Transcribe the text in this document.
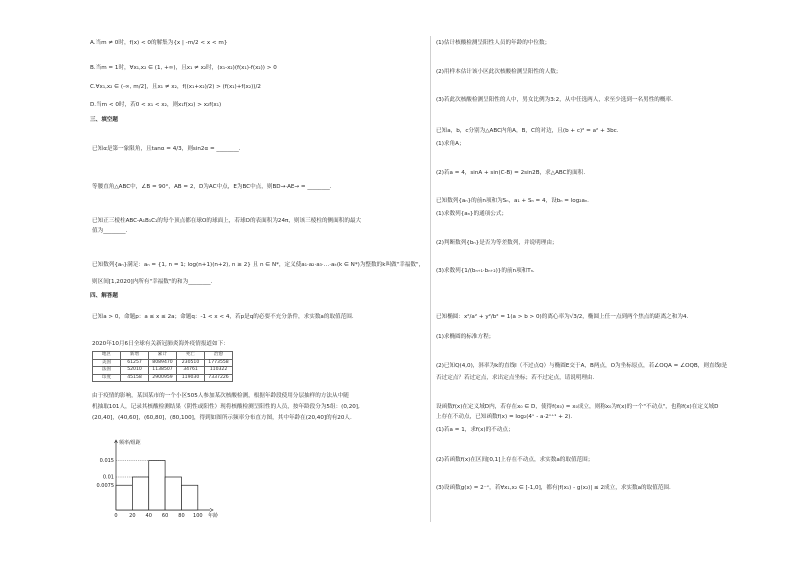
A.当m ≠ 0时，f(x) < 0的解集为{x | -m/2 < x < m}
B.当m = 1时，∀x₁,x₂ ∈ (1, +∞)，且x₁ ≠ x₂时，(x₁-x₂)(f(x₁)-f(x₂)) > 0
C.∀x₁,x₂ ∈ (-∞, m/2]，且x₁ ≠ x₂，f((x₁+x₂)/2) > (f(x₁)+f(x₂))/2
D.当m < 0时，若0 < x₁ < x₂，则x₁f(x₂) > x₂f(x₁)
三、填空题
已知α是第一象限角，且tanα = 4/3，则sin2α = ________.
等腰直角△ABC中，∠B = 90°，AB = 2，D为AC中点，E为BC中点，则BD→·AE→ = ________.
已知正三棱柱ABC-A₁B₁C₁的每个顶点都在球O的球面上，若球O的表面积为24π，则该三棱柱的侧面积的最大
值为________.
已知数列{aₙ}满足：aₙ = {1, n = 1; log(n+1)(n+2), n ≥ 2} 且 n ∈ N*，定义使a₁·a₂·a₃·…·aₖ(k ∈ N*)为整数的k叫做"幸福数"，
则区间[1,2020]内所有"幸福数"的和为________.
四、解答题
已知a > 0，命题p：a ≤ x ≤ 2a；命题q：-1 < x < 4，若p是q的必要不充分条件，求实数a的取值范围.
2020年10月6日全球有关新冠肺炎海外疫情报道如下：
地区	新增	累计	死亡	治愈
美国	61257	8089470	230510	1773558
法国	52010	1138507	34761	110322
印度	45158	2900959	119030	7337226
由于疫情的影响，某国某市的一个小区505人参加某次核酸检测，根据年龄段使用分层抽样的方法从中随
机抽取101人，记录其核酸检测结果（阴性或阳性）现将核酸检测呈阳性的人员，按年龄段分为5组：(0,20],
(20,40]，(40,60]，(60,80]，(80,100]，得到如图所示频率分布直方图，其中年龄在(20,40]的有20人.
0.0075
0.01
0.015
0 20 40 60 80 100 年龄
频率/组距
(1)估计核酸检测呈阳性人员的年龄的中位数；
(2)用样本估计该小区此次核酸检测呈阳性的人数；
(3)若此次核酸检测呈阳性的人中，男女比例为3:2，从中任选两人，求至少选到一名男性的概率.
已知a，b，c分别为△ABC内角A，B，C的对边，且(b + c)² = a² + 3bc.
(1)求角A；
(2)若a = 4，sinA + sin(C-B) = 2sin2B，求△ABC的面积.
已知数列{aₙ}的前n项和为Sₙ，a₁ + Sₙ = 4，设bₙ = log₂aₙ.
(1)求数列{aₙ}的通项公式；
(2)判断数列{bₙ}是否为等差数列，并说明理由；
(3)求数列{1/(bₙ₊₁·bₙ₊₂)}的前n项和Tₙ.
已知椭圆：x²/a² + y²/b² = 1(a > b > 0)的离心率为√3/2，椭圆上任一点到两个焦点的距离之和为4.
(1)求椭圆的标准方程；
(2)已知Q(4,0)，斜率为k的直线l（不过点Q）与椭圆E交于A，B两点，O为坐标原点，若∠OQA = ∠OQB，则直线l是
否过定点？若过定点，求出定点坐标；若不过定点，请说明理由.
设函数f(x)在定义域D内，若存在x₀ ∈ D，使得f(x₀) = x₀成立，则称x₀为f(x)的一个"不动点"，也称f(x)在定义域D
上存在不动点，已知函数f(x) = log₂(4ˣ - a·2ˣ⁺¹ + 2).
(1)若a = 1，求f(x)的不动点；
(2)若函数f(x)在区间[0,1]上存在不动点，求实数a的取值范围；
(3)设函数g(x) = 2⁻ˣ，若∀x₁,x₂ ∈ [-1,0]，都有|f(x₁) - g(x₂)| ≤ 2成立，求实数a的取值范围.
